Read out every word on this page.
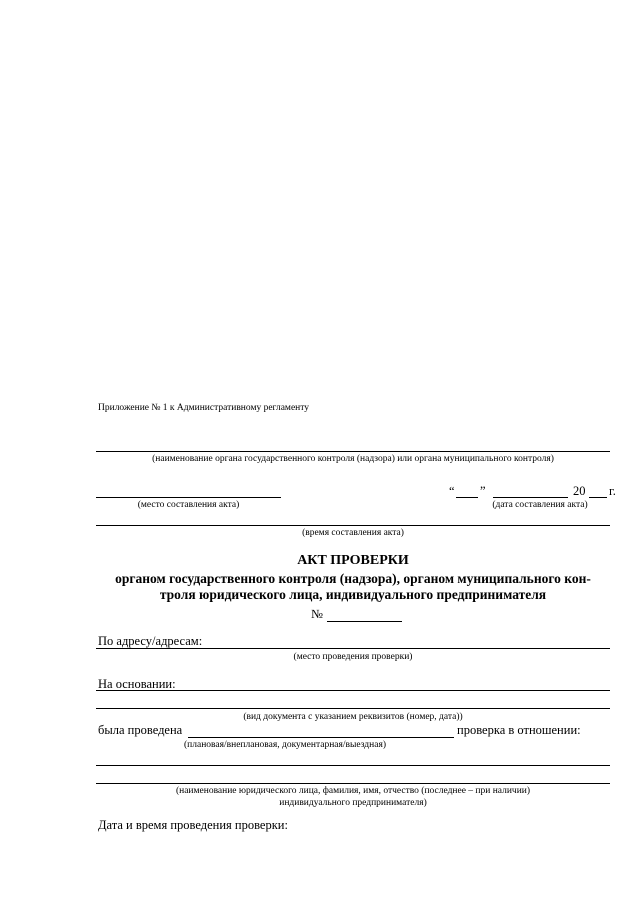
Приложение № 1 к Административному регламенту
(наименование органа государственного контроля (надзора) или органа муниципального контроля)
(место составления акта)
“ ”	20 г.
(дата составления акта)
(время составления акта)
АКТ ПРОВЕРКИ
органом государственного контроля (надзора), органом муниципального кон-
троля юридического лица, индивидуального предпринимателя
№
По адресу/адресам:
(место проведения проверки)
На основании:
(вид документа с указанием реквизитов (номер, дата))
была проведена	проверка в отношении:
(плановая/внеплановая, документарная/выездная)
(наименование юридического лица, фамилия, имя, отчество (последнее – при наличии)
индивидуального предпринимателя)
Дата и время проведения проверки:
